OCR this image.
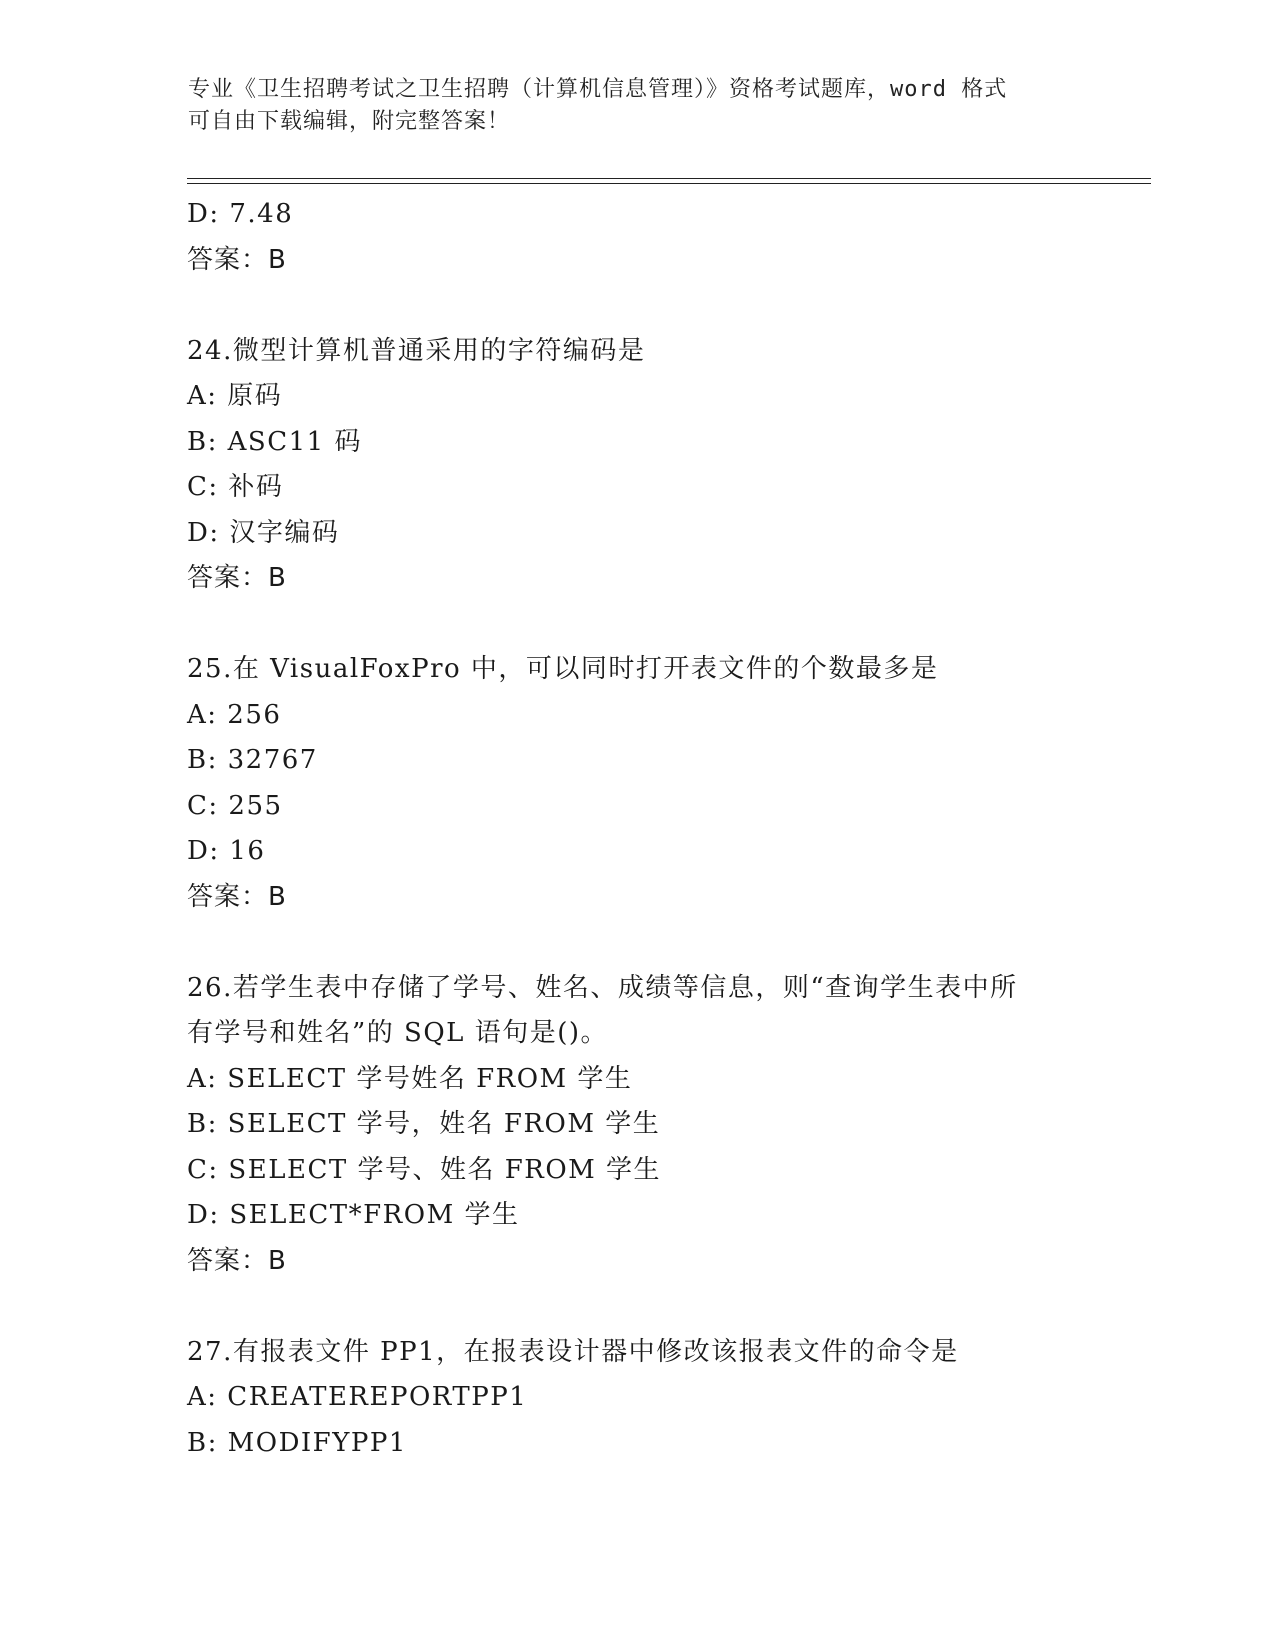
专业《卫生招聘考试之卫生招聘（计算机信息管理）》资格考试题库，word 格式
可自由下载编辑，附完整答案！
D: 7.48
答案：B
24.微型计算机普通采用的字符编码是
A: 原码
B: ASC11 码
C: 补码
D: 汉字编码
答案：B
25.在 VisualFoxPro 中，可以同时打开表文件的个数最多是
A: 256
B: 32767
C: 255
D: 16
答案：B
26.若学生表中存储了学号、姓名、成绩等信息，则“查询学生表中所
有学号和姓名”的 SQL 语句是()。
A: SELECT 学号姓名 FROM 学生
B: SELECT 学号，姓名 FROM 学生
C: SELECT 学号、姓名 FROM 学生
D: SELECT*FROM 学生
答案：B
27.有报表文件 PP1，在报表设计器中修改该报表文件的命令是
A: CREATEREPORTPP1
B: MODIFYPP1
